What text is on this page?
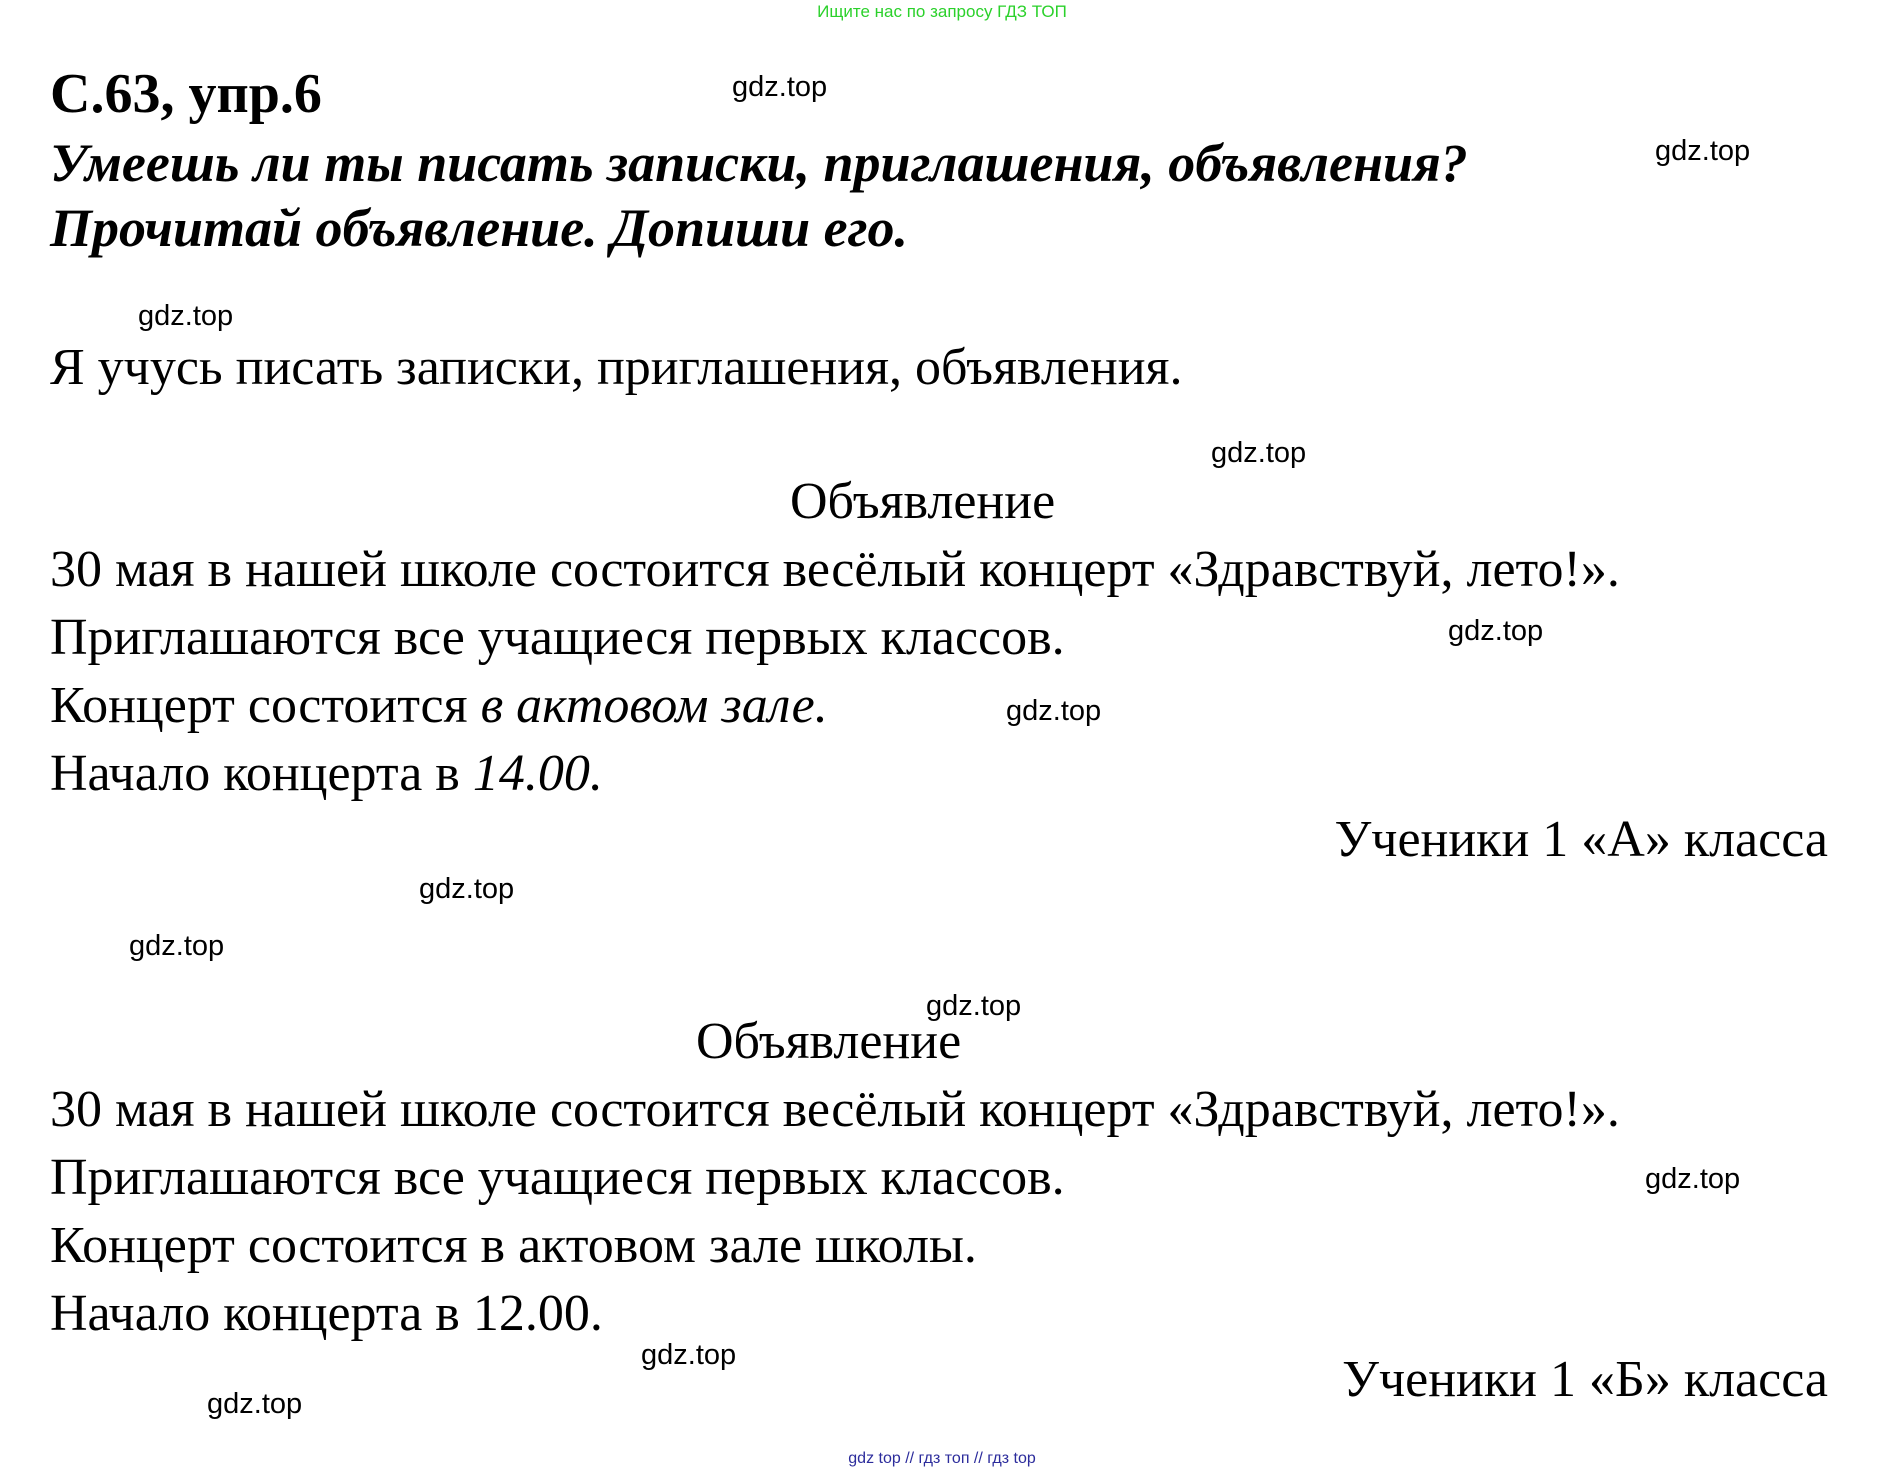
Ищите нас по запросу ГДЗ ТОП
gdz.top
gdz.top
gdz.top
gdz.top
gdz.top
gdz.top
gdz.top
gdz.top
gdz.top
gdz.top
gdz.top
gdz.top
С.63, упр.6
Умеешь ли ты писать записки, приглашения, объявления?
Прочитай объявление. Допиши его.
Я учусь писать записки, приглашения, объявления.
Объявление
30 мая в нашей школе состоится весёлый концерт «Здравствуй, лето!».
Приглашаются все учащиеся первых классов.
Концерт состоится в актовом зале.
Начало концерта в 14.00.
Ученики 1 «А» класса
Объявление
30 мая в нашей школе состоится весёлый концерт «Здравствуй, лето!».
Приглашаются все учащиеся первых классов.
Концерт состоится в актовом зале школы.
Начало концерта в 12.00.
Ученики 1 «Б» класса
gdz top // гдз топ // гдз top
